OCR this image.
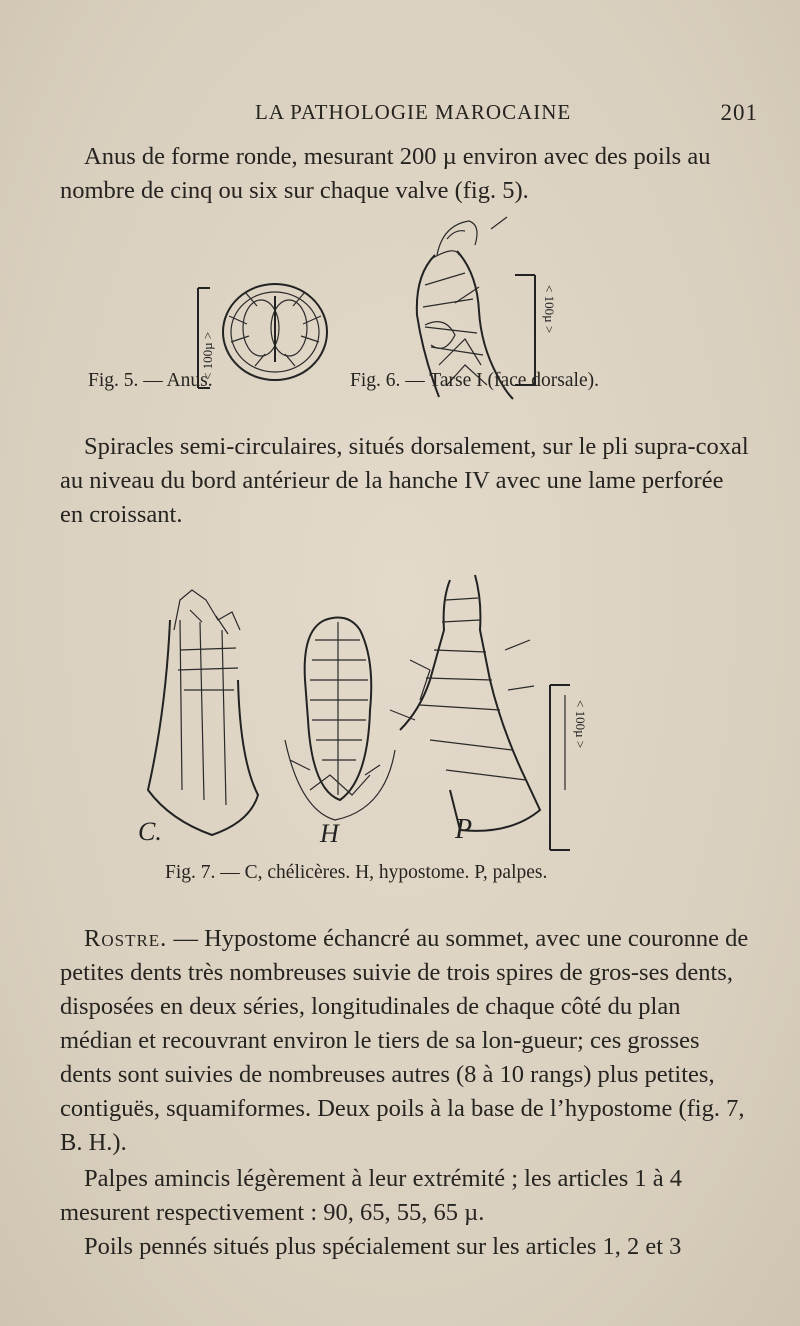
LA PATHOLOGIE MAROCAINE	201

Anus de forme ronde, mesurant 200 µ environ avec des poils au nombre de cinq ou six sur chaque valve (fig. 5).

< 100µ >
< 100µ >
Fig. 5. — Anus.	Fig. 6. — Tarse I (face dorsale).

Spiracles semi-circulaires, situés dorsalement, sur le pli supra-coxal au niveau du bord antérieur de la hanche IV avec une lame perforée en croissant.

C.	H	P
< 100µ >
Fig. 7. — C, chélicères. H, hypostome. P, palpes.

Rostre. — Hypostome échancré au sommet, avec une couronne de petites dents très nombreuses suivie de trois spires de gros-ses dents, disposées en deux séries, longitudinales de chaque côté du plan médian et recouvrant environ le tiers de sa lon-gueur; ces grosses dents sont suivies de nombreuses autres (8 à 10 rangs) plus petites, contiguës, squamiformes. Deux poils à la base de l’hypostome (fig. 7, B. H.).

Palpes amincis légèrement à leur extrémité ; les articles 1 à 4 mesurent respectivement : 90, 65, 55, 65 µ.

Poils pennés situés plus spécialement sur les articles 1, 2 et 3
